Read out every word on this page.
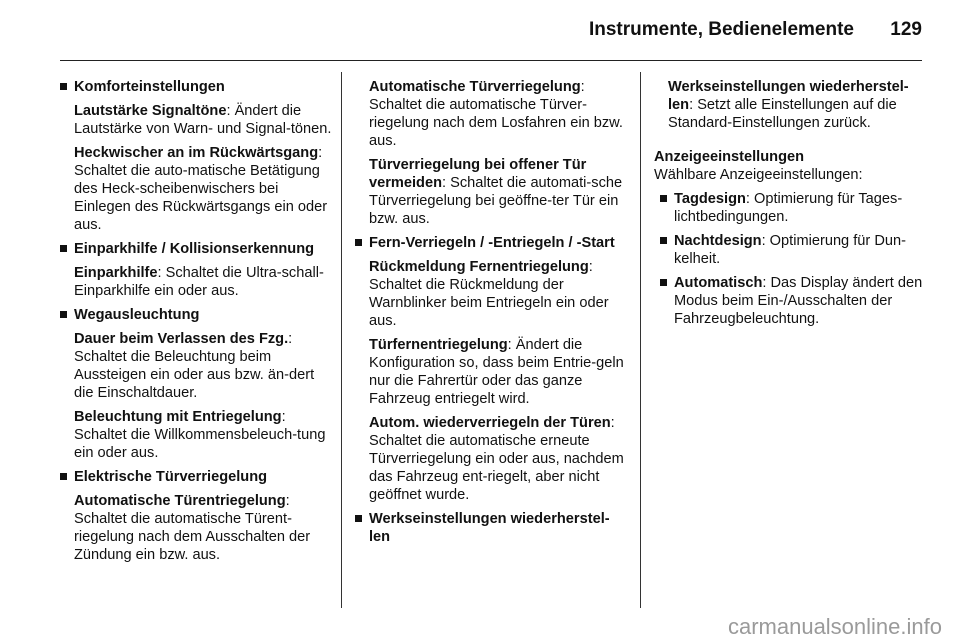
Instrumente, Bedienelemente 129
Komforteinstellungen
Lautstärke Signaltöne: Ändert die Lautstärke von Warn- und Signal-tönen.
Heckwischer an im Rückwärtsgang: Schaltet die auto-matische Betätigung des Heck-scheibenwischers bei Einlegen des Rückwärtsgangs ein oder aus.
Einparkhilfe / Kollisionserkennung
Einparkhilfe: Schaltet die Ultra-schall-Einparkhilfe ein oder aus.
Wegausleuchtung
Dauer beim Verlassen des Fzg.: Schaltet die Beleuchtung beim Aussteigen ein oder aus bzw. än-dert die Einschaltdauer.
Beleuchtung mit Entriegelung: Schaltet die Willkommensbeleuch-tung ein oder aus.
Elektrische Türverriegelung
Automatische Türentriegelung: Schaltet die automatische Türent-riegelung nach dem Ausschalten der Zündung ein bzw. aus.
Automatische Türverriegelung: Schaltet die automatische Türver-riegelung nach dem Losfahren ein bzw. aus.
Türverriegelung bei offener Tür vermeiden: Schaltet die automati-sche Türverriegelung bei geöffne-ter Tür ein bzw. aus.
Fern-Verriegeln / -Entriegeln / -Start
Rückmeldung Fernentriegelung: Schaltet die Rückmeldung der Warnblinker beim Entriegeln ein oder aus.
Türfernentriegelung: Ändert die Konfiguration so, dass beim Entrie-geln nur die Fahrertür oder das ganze Fahrzeug entriegelt wird.
Autom. wiederverriegeln der Türen: Schaltet die automatische erneute Türverriegelung ein oder aus, nachdem das Fahrzeug ent-riegelt, aber nicht geöffnet wurde.
Werkseinstellungen wiederherstel-len
Werkseinstellungen wiederherstel-len: Setzt alle Einstellungen auf die Standard-Einstellungen zurück.
Anzeigeeinstellungen
Wählbare Anzeigeeinstellungen:
Tagdesign: Optimierung für Tages-lichtbedingungen.
Nachtdesign: Optimierung für Dun-kelheit.
Automatisch: Das Display ändert den Modus beim Ein-/Ausschalten der Fahrzeugbeleuchtung.
carmanualsonline.info
